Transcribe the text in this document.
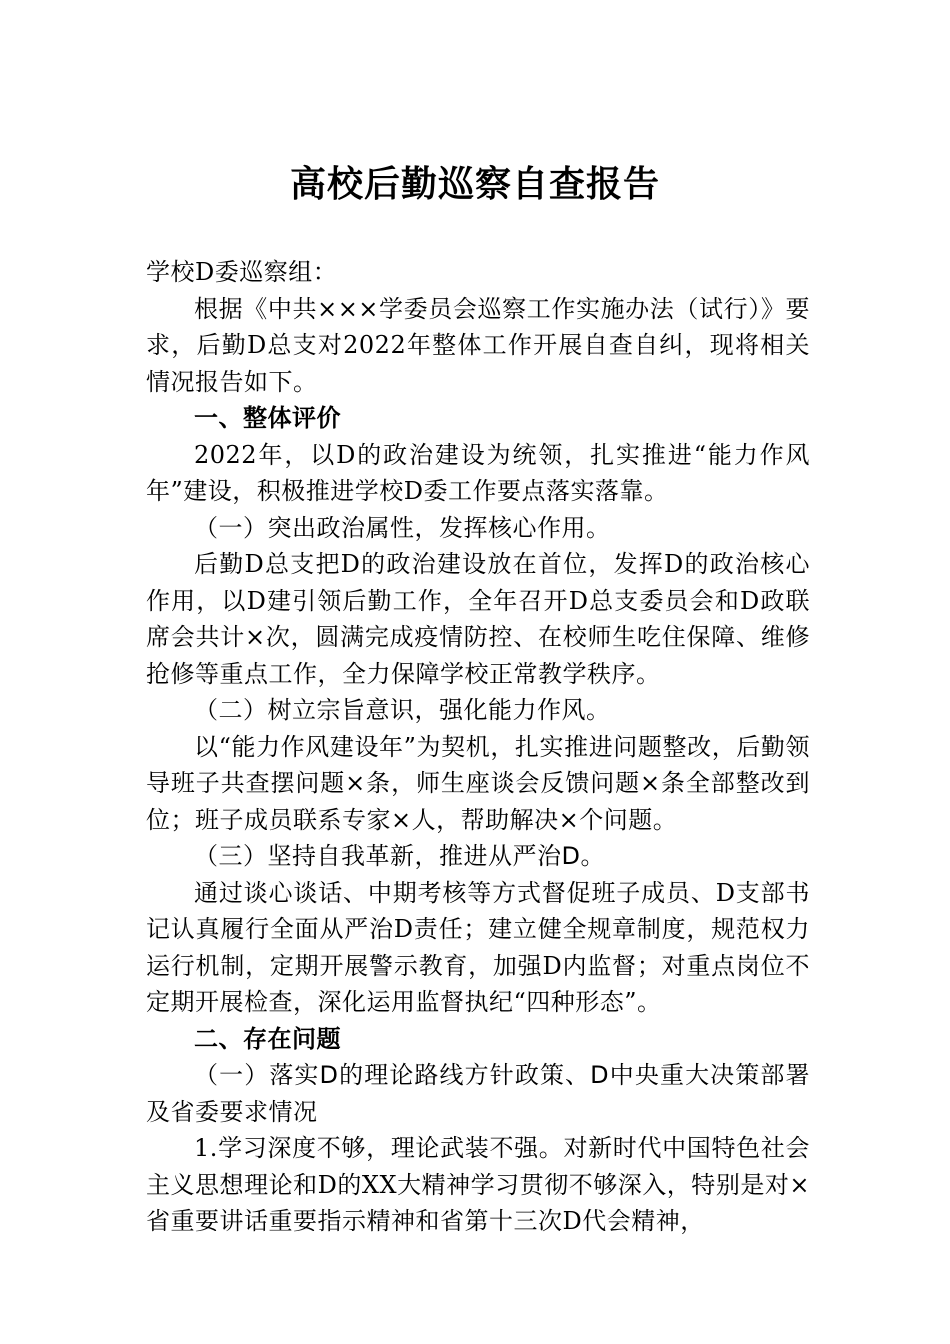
高校后勤巡察自查报告

学校D委巡察组：

根据《中共×××学委员会巡察工作实施办法（试行）》要求，后勤D总支对2022年整体工作开展自查自纠，现将相关情况报告如下。

一、整体评价

2022年，以D的政治建设为统领，扎实推进“能力作风年”建设，积极推进学校D委工作要点落实落靠。

（一）突出政治属性，发挥核心作用。

后勤D总支把D的政治建设放在首位，发挥D的政治核心作用，以D建引领后勤工作，全年召开D总支委员会和D政联席会共计×次，圆满完成疫情防控、在校师生吃住保障、维修抢修等重点工作，全力保障学校正常教学秩序。

（二）树立宗旨意识，强化能力作风。

以“能力作风建设年”为契机，扎实推进问题整改，后勤领导班子共查摆问题×条，师生座谈会反馈问题×条全部整改到位；班子成员联系专家×人，帮助解决×个问题。

（三）坚持自我革新，推进从严治D。

通过谈心谈话、中期考核等方式督促班子成员、D支部书记认真履行全面从严治D责任；建立健全规章制度，规范权力运行机制，定期开展警示教育，加强D内监督；对重点岗位不定期开展检查，深化运用监督执纪“四种形态”。

二、存在问题

（一）落实D的理论路线方针政策、D中央重大决策部署及省委要求情况

1.学习深度不够，理论武装不强。对新时代中国特色社会主义思想理论和D的XX大精神学习贯彻不够深入，特别是对×省重要讲话重要指示精神和省第十三次D代会精神，
